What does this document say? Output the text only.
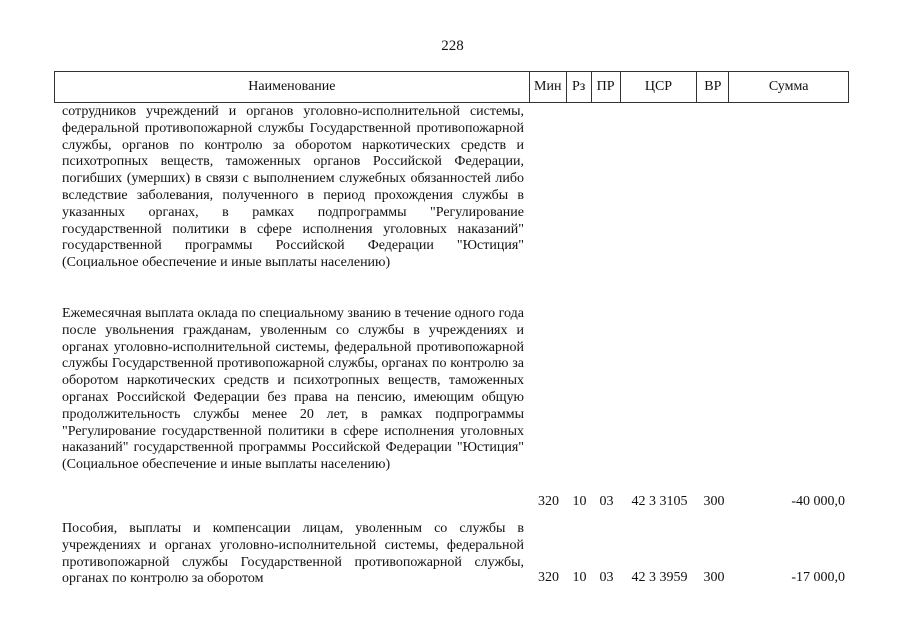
228
Наименование	Мин Рз ПР	ЦСР	ВР	Сумма
сотрудников учреждений и органов уголовно-исполнительной системы, федеральной противопожарной службы Государственной противопожарной службы, органов по контролю за оборотом наркотических средств и психотропных веществ, таможенных органов Российской Федерации, погибших (умерших) в связи с выполнением служебных обязанностей либо вследствие заболевания, полученного в период прохождения службы в указанных органах, в рамках подпрограммы "Регулирование государственной политики в сфере исполнения уголовных наказаний" государственной программы Российской Федерации "Юстиция" (Социальное обеспечение и иные выплаты населению)
Ежемесячная выплата оклада по специальному званию в течение одного года после увольнения гражданам, уволенным со службы в учреждениях и органах уголовно-исполнительной системы, федеральной противопожарной службы Государственной противопожарной службы, органах по контролю за оборотом наркотических средств и психотропных веществ, таможенных органах Российской Федерации без права на пенсию, имеющим общую продолжительность службы менее 20 лет, в рамках подпрограммы "Регулирование государственной политики в сфере исполнения уголовных наказаний" государственной программы Российской Федерации "Юстиция" (Социальное обеспечение и иные выплаты населению)
320 10 03	42 3 3105	300	-40 000,0
Пособия, выплаты и компенсации лицам, уволенным со службы в учреждениях и органах уголовно-исполнительной системы, федеральной противопожарной службы Государственной противопожарной службы, органах по контролю за оборотом	320 10 03	42 3 3959	300	-17 000,0
